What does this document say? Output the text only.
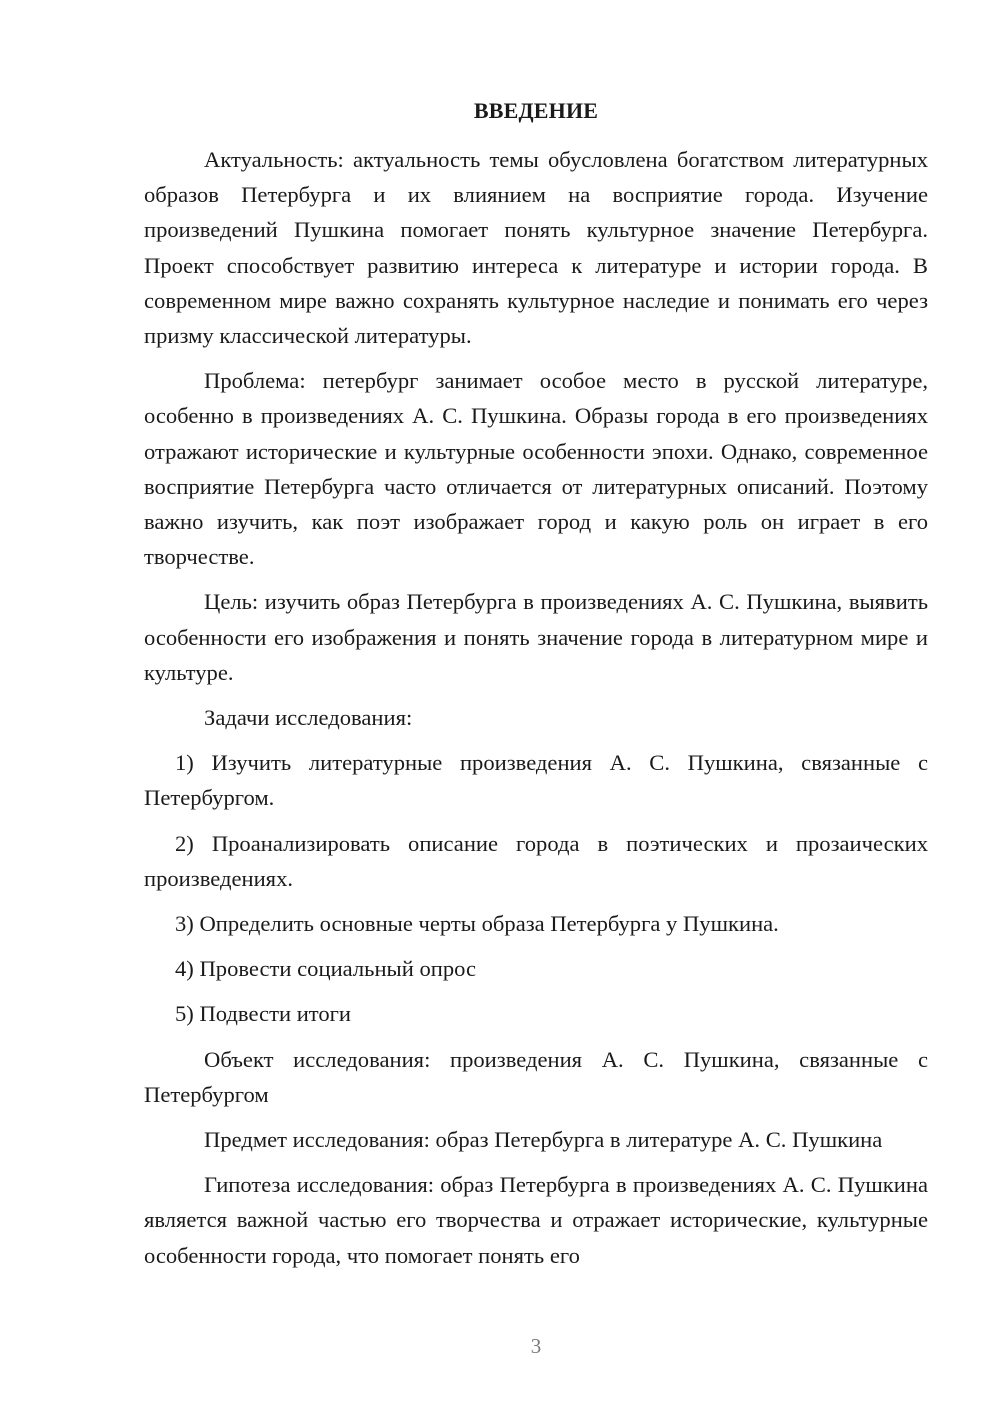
ВВЕДЕНИЕ

Актуальность: актуальность темы обусловлена богатством литературных образов Петербурга и их влиянием на восприятие города. Изучение произведений Пушкина помогает понять культурное значение Петербурга. Проект способствует развитию интереса к литературе и истории города. В современном мире важно сохранять культурное наследие и понимать его через призму классической литературы.

Проблема: петербург занимает особое место в русской литературе, особенно в произведениях А. С. Пушкина. Образы города в его произведениях отражают исторические и культурные особенности эпохи. Однако, современное восприятие Петербурга часто отличается от литературных описаний. Поэтому важно изучить, как поэт изображает город и какую роль он играет в его творчестве.

Цель: изучить образ Петербурга в произведениях А. С. Пушкина, выявить особенности его изображения и понять значение города в литературном мире и культуре.

Задачи исследования:

1) Изучить литературные произведения А. С. Пушкина, связанные с Петербургом.

2) Проанализировать описание города в поэтических и прозаических произведениях.

3) Определить основные черты образа Петербурга у Пушкина.

4) Провести социальный опрос

5) Подвести итоги

Объект исследования: произведения А. С. Пушкина, связанные с Петербургом

Предмет исследования: образ Петербурга в литературе А. С. Пушкина

Гипотеза исследования: образ Петербурга в произведениях А. С. Пушкина является важной частью его творчества и отражает исторические, культурные особенности города, что помогает понять его

3
